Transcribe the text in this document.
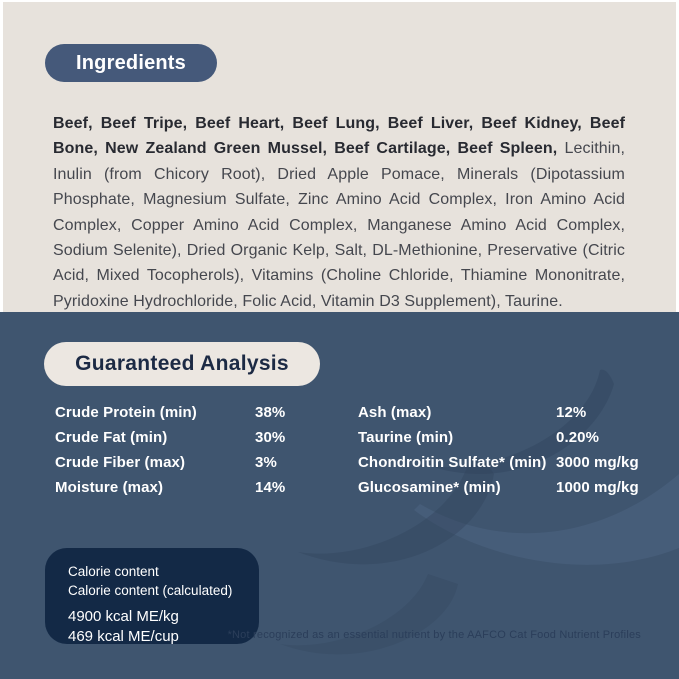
Ingredients

Beef, Beef Tripe, Beef Heart, Beef Lung, Beef Liver, Beef Kidney, Beef Bone, New Zealand Green Mussel, Beef Cartilage, Beef Spleen, Lecithin, Inulin (from Chicory Root), Dried Apple Pomace, Minerals (Dipotassium Phosphate, Magnesium Sulfate, Zinc Amino Acid Complex, Iron Amino Acid Complex, Copper Amino Acid Complex, Manganese Amino Acid Complex, Sodium Selenite), Dried Organic Kelp, Salt, DL-Methionine, Preservative (Citric Acid, Mixed Tocopherols), Vitamins (Choline Chloride, Thiamine Mononitrate, Pyridoxine Hydrochloride, Folic Acid, Vitamin D3 Supplement), Taurine.

Guaranteed Analysis
Crude Protein (min)	38%
Crude Fat (min)	30%
Crude Fiber (max)	3%
Moisture (max)	14%
Ash (max)	12%
Taurine (min)	0.20%
Chondroitin Sulfate* (min) 3000 mg/kg
Glucosamine* (min)	1000 mg/kg
Calorie content
Calorie content (calculated)
4900 kcal ME/kg
469 kcal ME/cup	*Not recognized as an essential nutrient by the AAFCO Cat Food Nutrient Profiles
